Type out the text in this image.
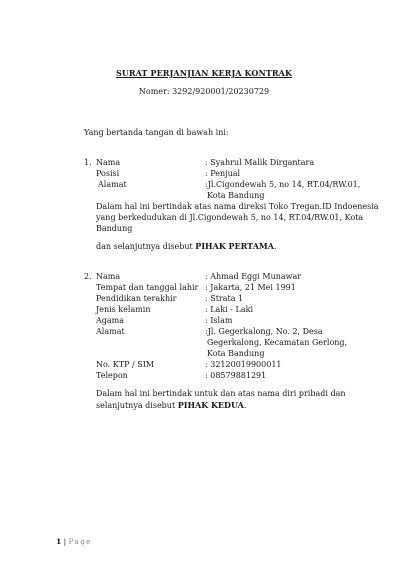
SURAT PERJANJIAN KERJA KONTRAK
Nomer: 3292/920001/20230729
Yang bertanda tangan di bawah ini:
1. Nama	: Syahrul Malik Dirgantara
Posisi	: Penjual
Alamat	:Jl.Cigondewah 5, no 14, RT.04/RW.01,
Kota Bandung
Dalam hal ini bertindak atas nama direksi Toko Tregan.ID Indoenesia
yang berkedudukan di Jl.Cigondewah 5, no 14, RT.04/RW.01, Kota
Bandung
dan selanjutnya disebut PIHAK PERTAMA.
2. Nama	: Ahmad Eggi Munawar
Tempat dan tanggal lahir : Jakarta, 21 Mei 1991
Pendidikan terakhir	: Strata 1
Jenis kelamin	: Laki - Laki
Agama	: Islam
Alamat	:Jl. Gegerkalong, No. 2, Desa
Gegerkalong, Kecamatan Gerlong,
Kota Bandung
No. KTP / SIM	: 32120019900011
Telepon	: 08579881291
Dalam hal ini bertindak untuk dan atas nama diri pribadi dan
selanjutnya disebut PIHAK KEDUA.
1 | Page
